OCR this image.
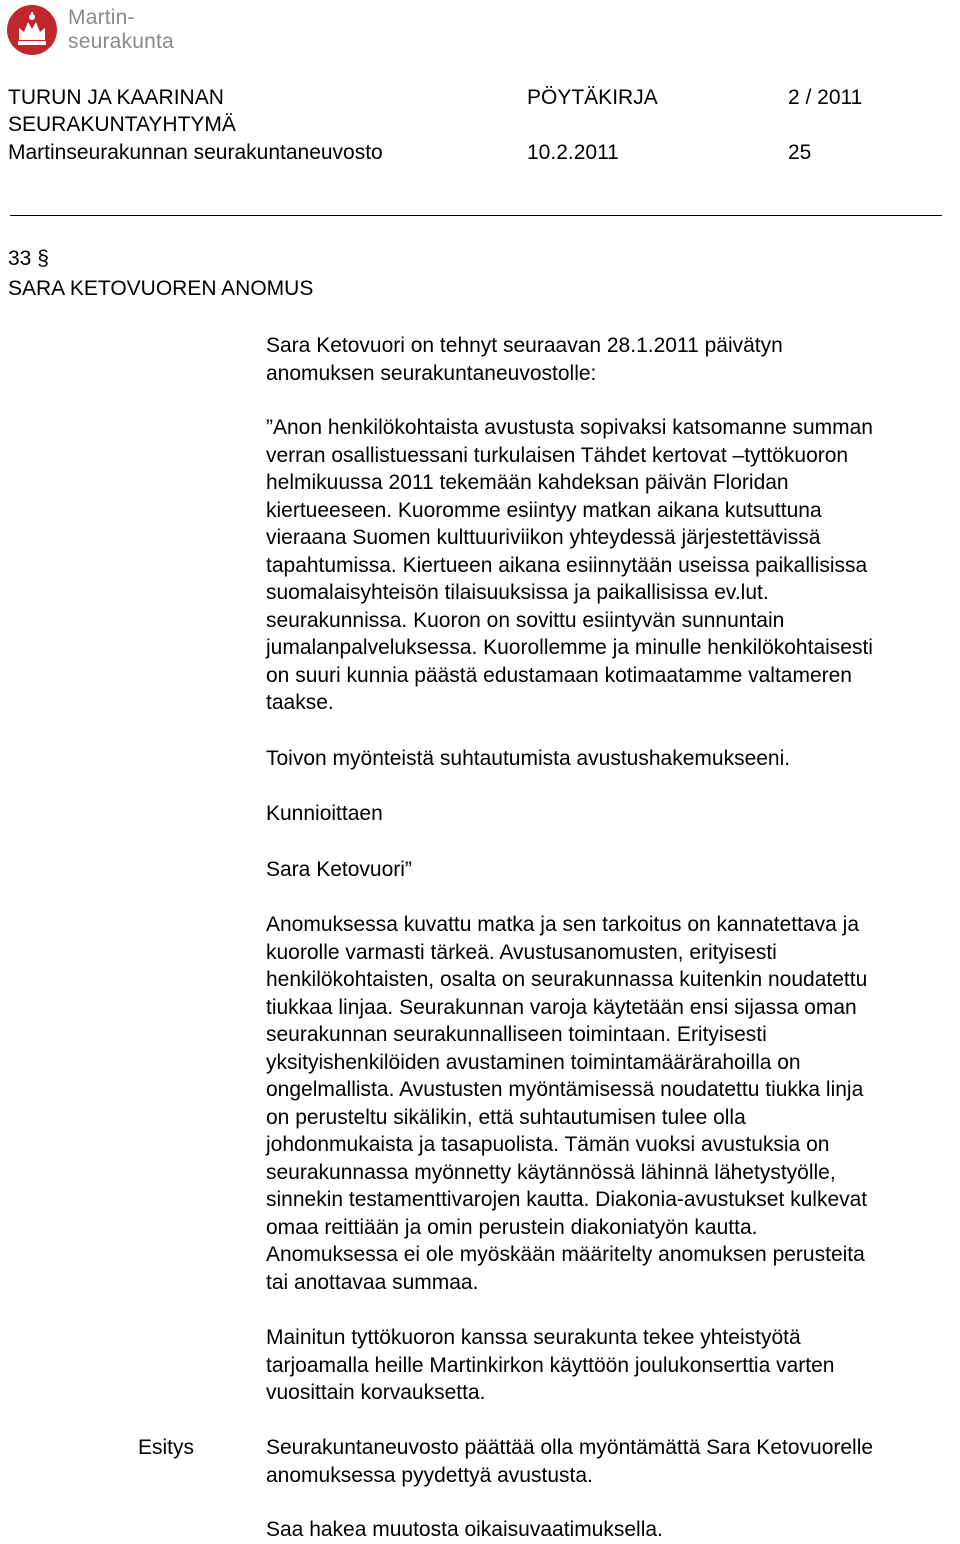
Martin-
seurakunta
TURUN JA KAARINAN
SEURAKUNTAYHTYMÄ
Martinseurakunnan seurakuntaneuvosto
PÖYTÄKIRJA	2 / 2011
10.2.2011	25
33 §
SARA KETOVUOREN ANOMUS
Sara Ketovuori on tehnyt seuraavan 28.1.2011 päivätyn
anomuksen seurakuntaneuvostolle:
”Anon henkilökohtaista avustusta sopivaksi katsomanne summan
verran osallistuessani turkulaisen Tähdet kertovat –tyttökuoron
helmikuussa 2011 tekemään kahdeksan päivän Floridan
kiertueeseen. Kuoromme esiintyy matkan aikana kutsuttuna
vieraana Suomen kulttuuriviikon yhteydessä järjestettävissä
tapahtumissa. Kiertueen aikana esiinnytään useissa paikallisissa
suomalaisyhteisön tilaisuuksissa ja paikallisissa ev.lut.
seurakunnissa. Kuoron on sovittu esiintyvän sunnuntain
jumalanpalveluksessa. Kuorollemme ja minulle henkilökohtaisesti
on suuri kunnia päästä edustamaan kotimaatamme valtameren
taakse.
Toivon myönteistä suhtautumista avustushakemukseeni.
Kunnioittaen
Sara Ketovuori”
Anomuksessa kuvattu matka ja sen tarkoitus on kannatettava ja
kuorolle varmasti tärkeä. Avustusanomusten, erityisesti
henkilökohtaisten, osalta on seurakunnassa kuitenkin noudatettu
tiukkaa linjaa. Seurakunnan varoja käytetään ensi sijassa oman
seurakunnan seurakunnalliseen toimintaan. Erityisesti
yksityishenkilöiden avustaminen toimintamäärärahoilla on
ongelmallista. Avustusten myöntämisessä noudatettu tiukka linja
on perusteltu sikälikin, että suhtautumisen tulee olla
johdonmukaista ja tasapuolista. Tämän vuoksi avustuksia on
seurakunnassa myönnetty käytännössä lähinnä lähetystyölle,
sinnekin testamenttivarojen kautta. Diakonia-avustukset kulkevat
omaa reittiään ja omin perustein diakoniatyön kautta.
Anomuksessa ei ole myöskään määritelty anomuksen perusteita
tai anottavaa summaa.
Mainitun tyttökuoron kanssa seurakunta tekee yhteistyötä
tarjoamalla heille Martinkirkon käyttöön joulukonserttia varten
vuosittain korvauksetta.
Esitys	Seurakuntaneuvosto päättää olla myöntämättä Sara Ketovuorelle
anomuksessa pyydettyä avustusta.
Saa hakea muutosta oikaisuvaatimuksella.
